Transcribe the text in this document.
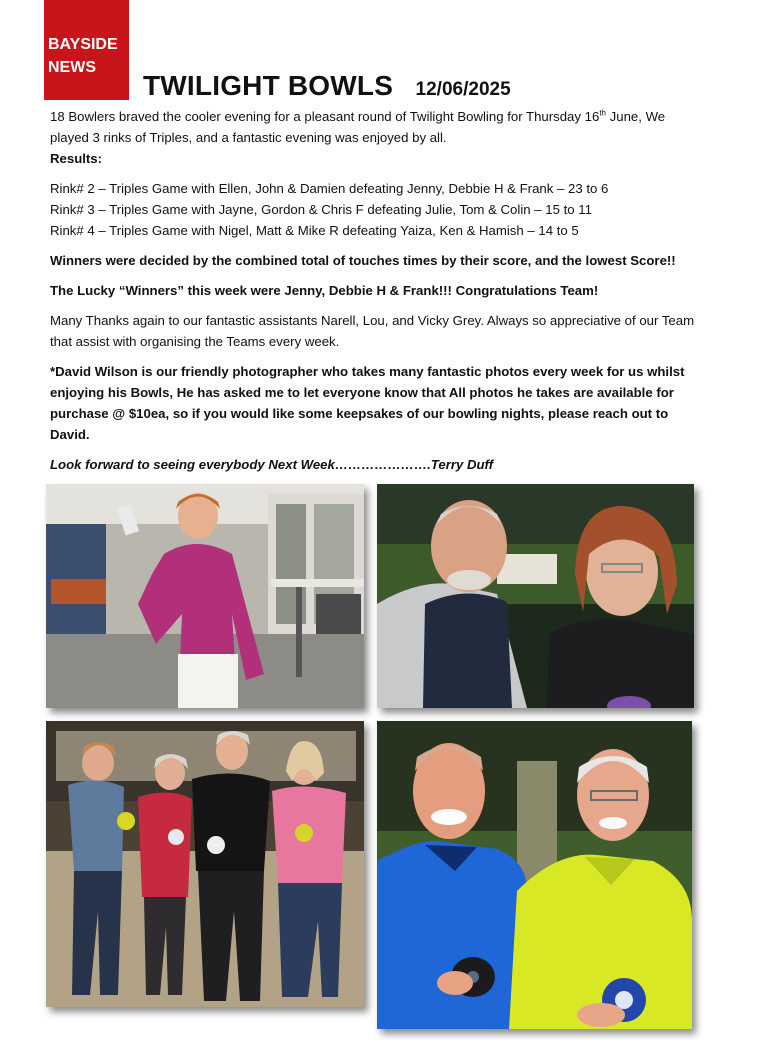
BAYSIDE
NEWS
TWILIGHT BOWLS 12/06/2025

18 Bowlers braved the cooler evening for a pleasant round of Twilight Bowling for Thursday 16th June, We played 3 rinks of Triples, and a fantastic evening was enjoyed by all.

Results:

Rink# 2 – Triples Game with Ellen, John & Damien defeating Jenny, Debbie H & Frank – 23 to 6

Rink# 3 – Triples Game with Jayne, Gordon & Chris F defeating Julie, Tom & Colin – 15 to 11

Rink# 4 – Triples Game with Nigel, Matt & Mike R defeating Yaiza, Ken & Hamish – 14 to 5

Winners were decided by the combined total of touches times by their score, and the lowest Score!!

The Lucky “Winners” this week were Jenny, Debbie H & Frank!!! Congratulations Team!

Many Thanks again to our fantastic assistants Narell, Lou, and Vicky Grey. Always so appreciative of our Team that assist with organising the Teams every week.

*David Wilson is our friendly photographer who takes many fantastic photos every week for us whilst enjoying his Bowls, He has asked me to let everyone know that All photos he takes are available for purchase @ $10ea, so if you would like some keepsakes of our bowling nights, please reach out to David.

Look forward to seeing everybody Next Week………………….Terry Duff
